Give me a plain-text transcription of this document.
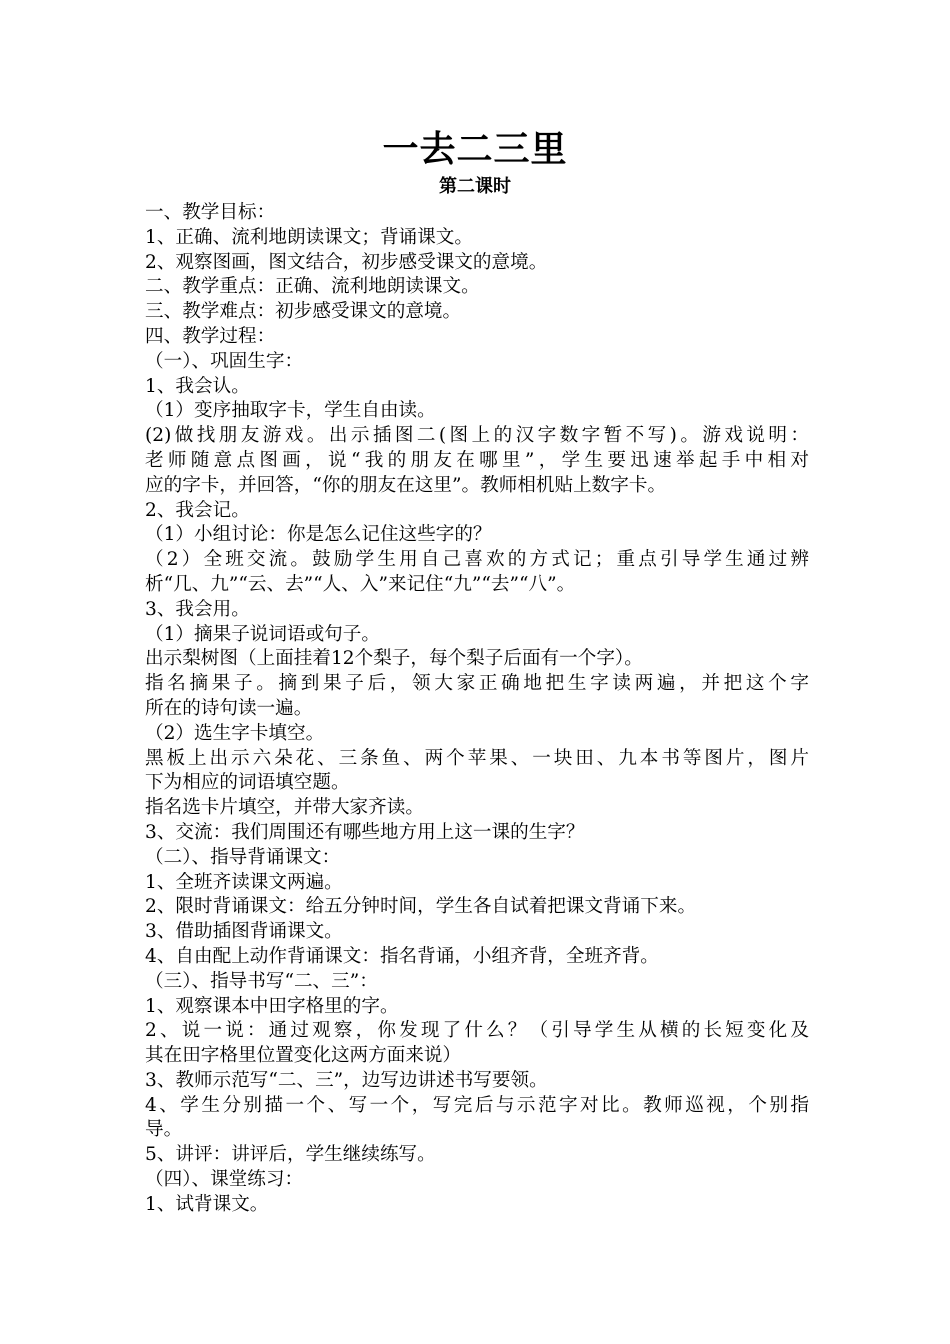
一去二三里
第二课时
一、教学目标：
1、正确、流利地朗读课文；背诵课文。
2、观察图画，图文结合，初步感受课文的意境。
二、教学重点：正确、流利地朗读课文。
三、教学难点：初步感受课文的意境。
四、教学过程：
（一）、巩固生字：
1、我会认。
（1）变序抽取字卡，学生自由读。
(2)做找朋友游戏。出示插图二(图上的汉字数字暂不写)。游戏说明：
老师随意点图画，说“我的朋友在哪里”，学生要迅速举起手中相对
应的字卡，并回答，“你的朋友在这里”。教师相机贴上数字卡。
2、我会记。
（1）小组讨论：你是怎么记住这些字的？
（2）全班交流。鼓励学生用自己喜欢的方式记；重点引导学生通过辨
析“几、九”“云、去”“人、入”来记住“九”“去”“八”。
3、我会用。
（1）摘果子说词语或句子。
出示梨树图（上面挂着12个梨子，每个梨子后面有一个字）。
指名摘果子。摘到果子后，领大家正确地把生字读两遍，并把这个字
所在的诗句读一遍。
（2）选生字卡填空。
黑板上出示六朵花、三条鱼、两个苹果、一块田、九本书等图片，图片
下为相应的词语填空题。
指名选卡片填空，并带大家齐读。
3、交流：我们周围还有哪些地方用上这一课的生字？
（二）、指导背诵课文：
1、全班齐读课文两遍。
2、限时背诵课文：给五分钟时间，学生各自试着把课文背诵下来。
3、借助插图背诵课文。
4、自由配上动作背诵课文：指名背诵，小组齐背，全班齐背。
（三）、指导书写“二、三”：
1、观察课本中田字格里的字。
2、说一说：通过观察，你发现了什么？（引导学生从横的长短变化及
其在田字格里位置变化这两方面来说）
3、教师示范写“二、三”，边写边讲述书写要领。
4、学生分别描一个、写一个，写完后与示范字对比。教师巡视，个别指
导。
5、讲评：讲评后，学生继续练写。
（四）、课堂练习：
1、试背课文。
